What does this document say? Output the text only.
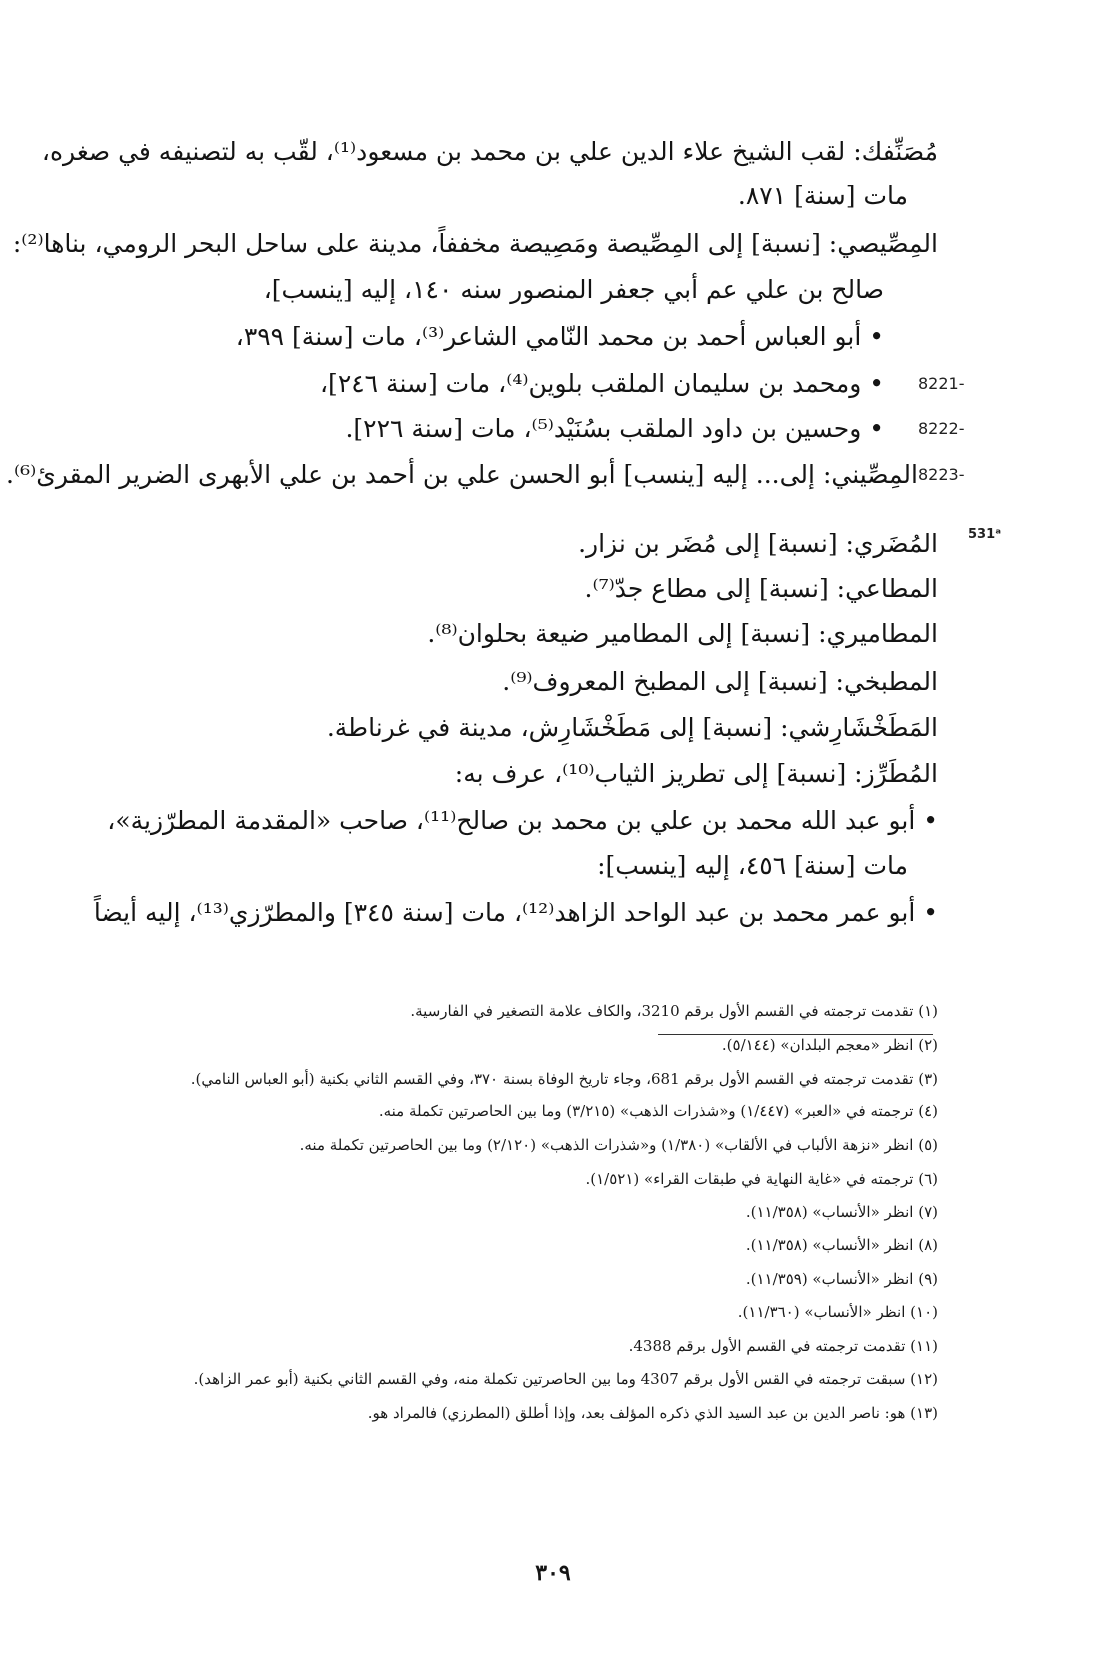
مُصَنِّفك: لقب الشيخ علاء الدين علي بن محمد بن مسعود⁽¹⁾، لقّب به لتصنيفه في صغره،
مات [سنة] ٨٧١.
المِصِّيصي: [نسبة] إلى المِصِّيصة ومَصِيصة مخففاً، مدينة على ساحل البحر الرومي، بناها⁽²⁾:
صالح بن علي عم أبي جعفر المنصور سنه ١٤٠، إليه [ينسب]،
• أبو العباس أحمد بن محمد النّامي الشاعر⁽³⁾، مات [سنة] ٣٩٩،
• ومحمد بن سليمان الملقب بلوين⁽⁴⁾، مات [سنة ٢٤٦]، 8221-
• وحسين بن داود الملقب بسُنَيْد⁽⁵⁾، مات [سنة ٢٢٦]. 8222-
المِصِّيني: إلى... إليه [ينسب] أبو الحسن علي بن أحمد بن علي الأبهرى الضرير المقرئ⁽⁶⁾. 8223-
531ᵃ
المُضَري: [نسبة] إلى مُضَر بن نزار.
المطاعي: [نسبة] إلى مطاع جدّ⁽⁷⁾.
المطاميري: [نسبة] إلى المطامير ضيعة بحلوان⁽⁸⁾.
المطبخي: [نسبة] إلى المطبخ المعروف⁽⁹⁾.
المَطَخْشَارِشي: [نسبة] إلى مَطَخْشَارِش، مدينة في غرناطة.
المُطَرِّز: [نسبة] إلى تطريز الثياب⁽¹⁰⁾، عرف به:
• أبو عبد الله محمد بن علي بن محمد بن صالح⁽¹¹⁾، صاحب «المقدمة المطرّزية»،
مات [سنة] ٤٥٦، إليه [ينسب]:
• أبو عمر محمد بن عبد الواحد الزاهد⁽¹²⁾، مات [سنة ٣٤٥] والمطرّزي⁽¹³⁾، إليه أيضاً
(١) تقدمت ترجمته في القسم الأول برقم 3210، والكاف علامة التصغير في الفارسية.
(٢) انظر «معجم البلدان» (٥/١٤٤).
(٣) تقدمت ترجمته في القسم الأول برقم 681، وجاء تاريخ الوفاة بسنة ٣٧٠، وفي القسم الثاني بكنية (أبو العباس النامي).
(٤) ترجمته في «العبر» (١/٤٤٧) و«شذرات الذهب» (٣/٢١٥) وما بين الحاصرتين تكملة منه.
(٥) انظر «نزهة الألباب في الألقاب» (١/٣٨٠) و«شذرات الذهب» (٢/١٢٠) وما بين الحاصرتين تكملة منه.
(٦) ترجمته في «غاية النهاية في طبقات القراء» (١/٥٢١).
(٧) انظر «الأنساب» (١١/٣٥٨).
(٨) انظر «الأنساب» (١١/٣٥٨).
(٩) انظر «الأنساب» (١١/٣٥٩).
(١٠) انظر «الأنساب» (١١/٣٦٠).
(١١) تقدمت ترجمته في القسم الأول برقم 4388.
(١٢) سبقت ترجمته في القس الأول برقم 4307 وما بين الحاصرتين تكملة منه، وفي القسم الثاني بكنية (أبو عمر الزاهد).
(١٣) هو: ناصر الدين بن عبد السيد الذي ذكره المؤلف بعد، وإذا أطلق (المطرزي) فالمراد هو.
٣٠٩
